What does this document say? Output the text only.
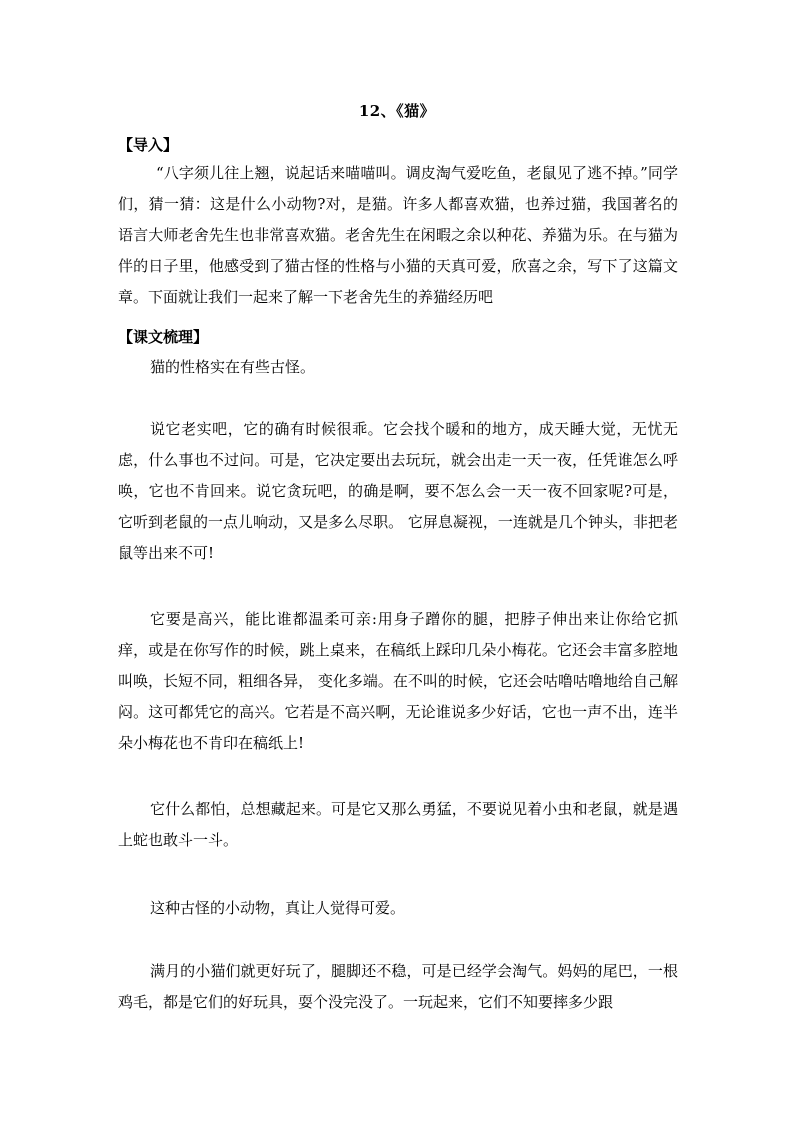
12、《猫》
【导入】

“八字须儿往上翘，说起话来喵喵叫。调皮淘气爱吃鱼，老鼠见了逃不掉。”同学们，猜一猜：这是什么小动物?对，是猫。许多人都喜欢猫，也养过猫，我国著名的语言大师老舍先生也非常喜欢猫。老舍先生在闲暇之余以种花、养猫为乐。在与猫为伴的日子里，他感受到了猫古怪的性格与小猫的天真可爱，欣喜之余，写下了这篇文章。下面就让我们一起来了解一下老舍先生的养猫经历吧

【课文梳理】

猫的性格实在有些古怪。

说它老实吧，它的确有时候很乖。它会找个暖和的地方，成天睡大觉，无忧无虑，什么事也不过问。可是，它决定要出去玩玩，就会出走一天一夜，任凭谁怎么呼唤，它也不肯回来。说它贪玩吧，的确是啊，要不怎么会一天一夜不回家呢?可是，它听到老鼠的一点儿响动，又是多么尽职。 它屏息凝视，一连就是几个钟头，非把老鼠等出来不可!

它要是高兴，能比谁都温柔可亲:用身子蹭你的腿，把脖子伸出来让你给它抓痒，或是在你写作的时候，跳上桌来，在稿纸上踩印几朵小梅花。它还会丰富多腔地叫唤，长短不同，粗细各异， 变化多端。在不叫的时候，它还会咕噜咕噜地给自己解闷。这可都凭它的高兴。它若是不高兴啊，无论谁说多少好话，它也一声不出，连半朵小梅花也不肯印在稿纸上!

它什么都怕，总想藏起来。可是它又那么勇猛，不要说见着小虫和老鼠，就是遇上蛇也敢斗一斗。

这种古怪的小动物，真让人觉得可爱。

满月的小猫们就更好玩了，腿脚还不稳，可是已经学会淘气。妈妈的尾巴，一根鸡毛，都是它们的好玩具，耍个没完没了。一玩起来，它们不知要摔多少跟
